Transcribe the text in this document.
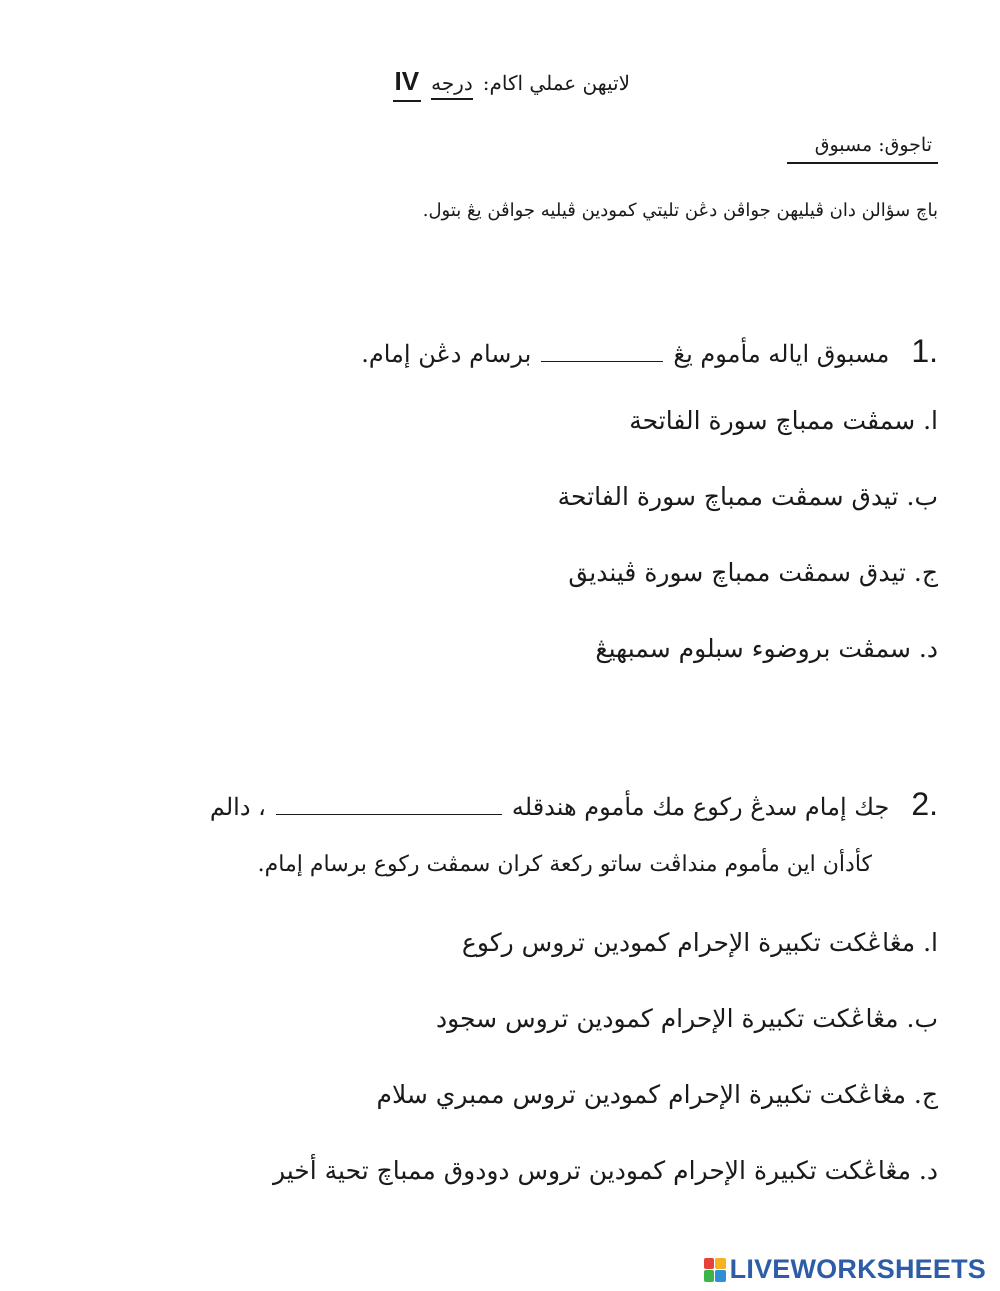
لاتيهن عملي اكام:
درجه
IV
تاجوق: مسبوق
باچ سؤالن دان ڤيليهن جواڤن دڠن تليتي كمودين ڤيليه جواڤن يڠ بتول.
1.
مسبوق اياله مأموم يڠ
برسام دڠن إمام.
ا. سمڤت ممباچ سورة الفاتحة
ب. تيدق سمڤت ممباچ سورة الفاتحة
ج. تيدق سمڤت ممباچ سورة ڤينديق
د. سمڤت بروضوء سبلوم سمبهيڠ
2.
جك إمام سدڠ ركوع مك مأموم هندقله
، دالم
كأدأن اين مأموم منداڤت ساتو ركعة كران سمڤت ركوع برسام إمام.
ا. مڠاڠكت تكبيرة الإحرام كمودين تروس ركوع
ب. مڠاڠكت تكبيرة الإحرام كمودين تروس سجود
ج. مڠاڠكت تكبيرة الإحرام كمودين تروس ممبري سلام
د. مڠاڠكت تكبيرة الإحرام كمودين تروس دودوق ممباچ تحية أخير
LIVEWORKSHEETS
